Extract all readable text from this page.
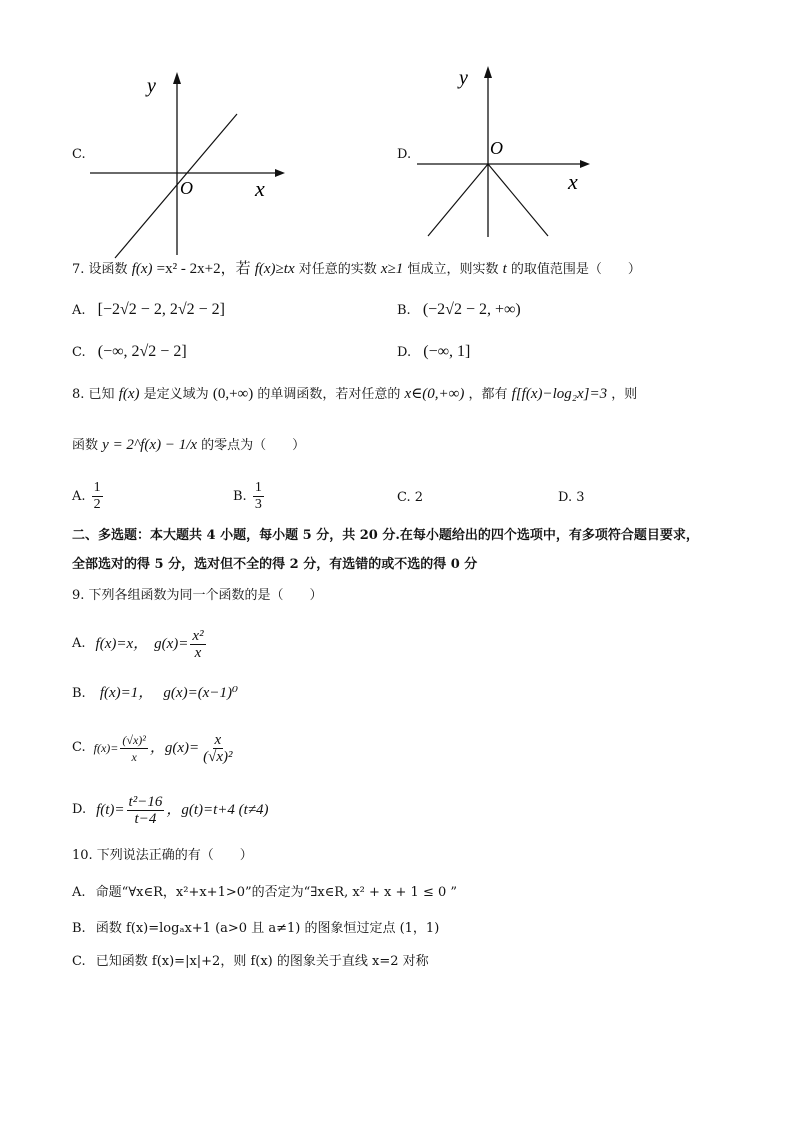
C.
y
O	x
D.
y
O
x
7. 设函数 f(x) =x² - 2x+2，若 f(x)≥tx 对任意的实数 x≥1 恒成立，则实数 t 的取值范围是（　　）
A. [−2√2 − 2, 2√2 − 2]	B. (−2√2 − 2, +∞)
C. (−∞, 2√2 − 2]	D. (−∞, 1]
8. 已知 f(x) 是定义域为 (0,+∞) 的单调函数，若对任意的 x∈(0,+∞) ，都有 f[f(x)−log₂x]=3 ，则
函数 y = 2^f(x) − 1/x 的零点为（　　）
A. $\frac{1}{2}$	B. $\frac{1}{3}$	C. 2	D. 3
二、多选题：本大题共 4 小题，每小题 5 分，共 20 分.在每小题给出的四个选项中，有多项符合题目要求，
全部选对的得 5 分，选对但不全的得 2 分，有选错的或不选的得 0 分
9. 下列各组函数为同一个函数的是（　　）
A. f(x)=x， $g(x)= \frac{\text{x²}}{x}$
B. f(x)=1， g(x)=(x−1)⁰
C. $f(x)= \frac{\text{(√x)²}}{x}$ ，$g(x)= \frac{x}{\text{(√x)²}}$
D. $f(t)= \frac{\text{t²−16}}{t-4}$ ，g(t)=t+4 (t≠4)
10. 下列说法正确的有（　　）
A. 命题“∀x∈R，x²+x+1>0”的否定为“∃x∈R, x² + x + 1 ≤ 0 ”
B. 函数 f(x)=logₐx+1 (a>0 且 a≠1) 的图象恒过定点 (1，1)
C. 已知函数 f(x)=|x|+2，则 f(x) 的图象关于直线 x=2 对称
